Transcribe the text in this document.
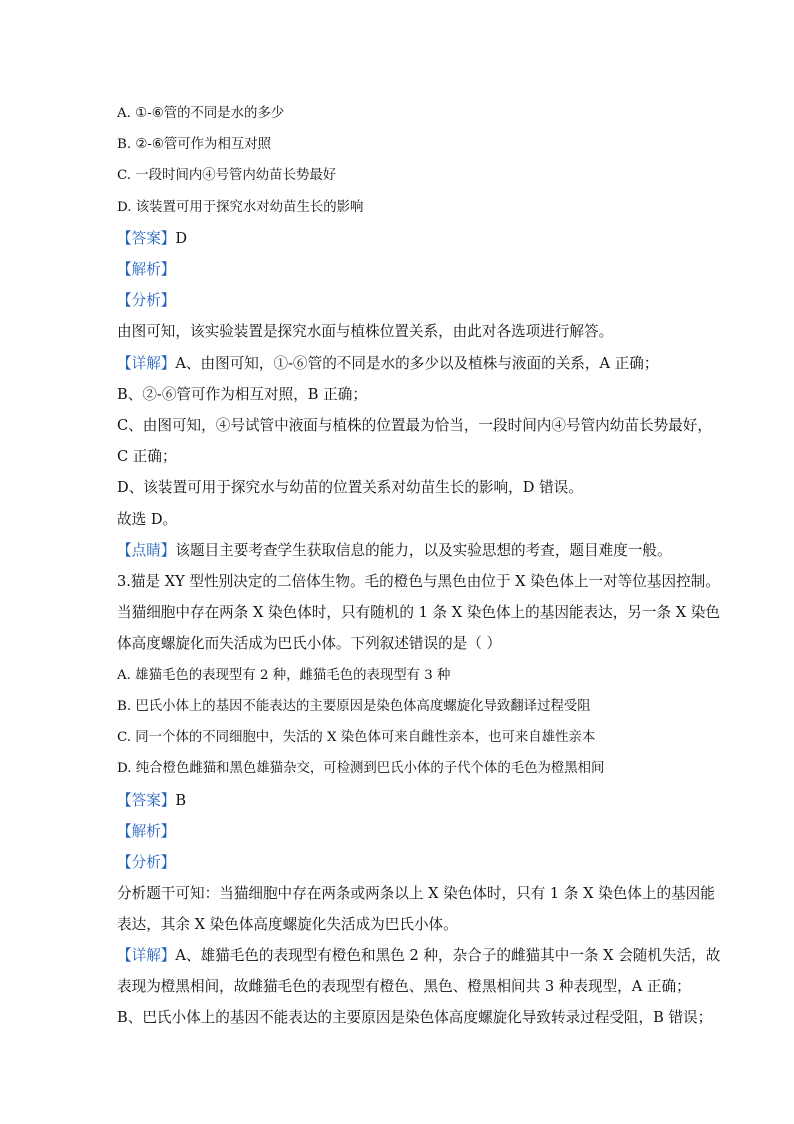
A. ①-⑥管的不同是水的多少
B. ②-⑥管可作为相互对照
C. 一段时间内④号管内幼苗长势最好
D. 该装置可用于探究水对幼苗生长的影响
【答案】D
【解析】
【分析】
由图可知，该实验装置是探究水面与植株位置关系，由此对各选项进行解答。
【详解】A、由图可知，①-⑥管的不同是水的多少以及植株与液面的关系，A 正确；
B、②-⑥管可作为相互对照，B 正确；
C、由图可知，④号试管中液面与植株的位置最为恰当，一段时间内④号管内幼苗长势最好，
C 正确；
D、该装置可用于探究水与幼苗的位置关系对幼苗生长的影响，D 错误。
故选 D。
【点睛】该题目主要考查学生获取信息的能力，以及实验思想的考查，题目难度一般。
3.猫是 XY 型性别决定的二倍体生物。毛的橙色与黑色由位于 X 染色体上一对等位基因控制。
当猫细胞中存在两条 X 染色体时，只有随机的 1 条 X 染色体上的基因能表达，另一条 X 染色
体高度螺旋化而失活成为巴氏小体。下列叙述错误的是（ ）
A. 雄猫毛色的表现型有 2 种，雌猫毛色的表现型有 3 种
B. 巴氏小体上的基因不能表达的主要原因是染色体高度螺旋化导致翻译过程受阻
C. 同一个体的不同细胞中，失活的 X 染色体可来自雌性亲本，也可来自雄性亲本
D. 纯合橙色雌猫和黑色雄猫杂交，可检测到巴氏小体的子代个体的毛色为橙黑相间
【答案】B
【解析】
【分析】
分析题干可知：当猫细胞中存在两条或两条以上 X 染色体时，只有 1 条 X 染色体上的基因能
表达，其余 X 染色体高度螺旋化失活成为巴氏小体。
【详解】A、雄猫毛色的表现型有橙色和黑色 2 种，杂合子的雌猫其中一条 X 会随机失活，故
表现为橙黑相间，故雌猫毛色的表现型有橙色、黑色、橙黑相间共 3 种表现型，A 正确；
B、巴氏小体上的基因不能表达的主要原因是染色体高度螺旋化导致转录过程受阻，B 错误；
